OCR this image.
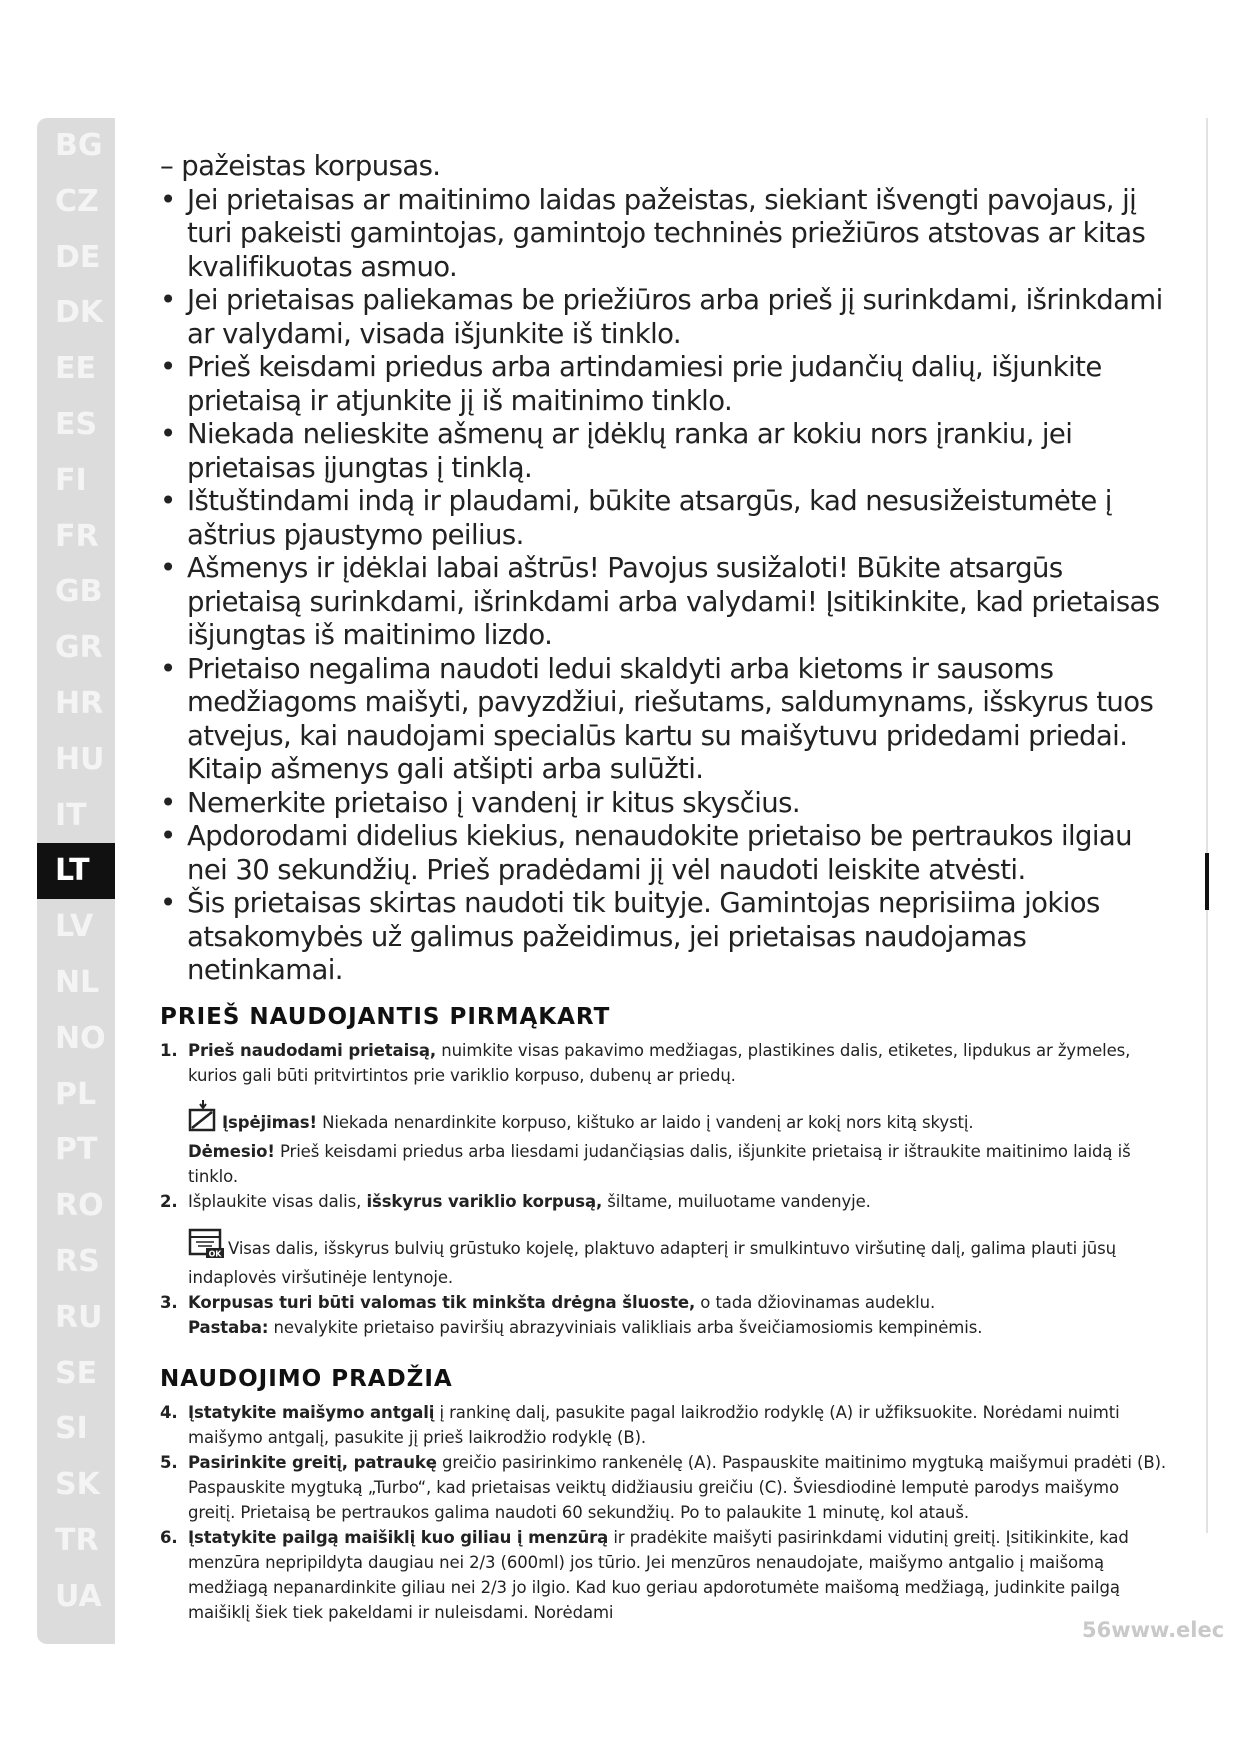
BG
CZ
DE
DK
EE
ES
FI
FR
GB
GR
HR
HU
IT
LT
LV
NL
NO
PL
PT
RO
RS
RU
SE
SI
SK
TR
UA

– pažeistas korpusas.

• Jei prietaisas ar maitinimo laidas pažeistas, siekiant išvengti pavojaus, jį turi pakeisti gamintojas, gamintojo techninės priežiūros atstovas ar kitas kvalifikuotas asmuo.

• Jei prietaisas paliekamas be priežiūros arba prieš jį surinkdami, išrinkdami ar valydami, visada išjunkite iš tinklo.

• Prieš keisdami priedus arba artindamiesi prie judančių dalių, išjunkite prietaisą ir atjunkite jį iš maitinimo tinklo.

• Niekada nelieskite ašmenų ar įdėklų ranka ar kokiu nors įrankiu, jei prietaisas įjungtas į tinklą.

• Ištuštindami indą ir plaudami, būkite atsargūs, kad nesusižeistumėte į aštrius pjaustymo peilius.

• Ašmenys ir įdėklai labai aštrūs! Pavojus susižaloti! Būkite atsargūs prietaisą surinkdami, išrinkdami arba valydami! Įsitikinkite, kad prietaisas išjungtas iš maitinimo lizdo.

• Prietaiso negalima naudoti ledui skaldyti arba kietoms ir sausoms medžiagoms maišyti, pavyzdžiui, riešutams, saldumynams, išskyrus tuos atvejus, kai naudojami specialūs kartu su maišytuvu pridedami priedai. Kitaip ašmenys gali atšipti arba sulūžti.

• Nemerkite prietaiso į vandenį ir kitus skysčius.

• Apdorodami didelius kiekius, nenaudokite prietaiso be pertraukos ilgiau nei 30 sekundžių. Prieš pradėdami jį vėl naudoti leiskite atvėsti.

• Šis prietaisas skirtas naudoti tik buityje. Gamintojas neprisiima jokios atsakomybės už galimus pažeidimus, jei prietaisas naudojamas netinkamai.

PRIEŠ NAUDOJANTIS PIRMĄKART

1. Prieš naudodami prietaisą, nuimkite visas pakavimo medžiagas, plastikines dalis, etiketes, lipdukus ar žymeles, kurios gali būti pritvirtintos prie variklio korpuso, dubenų ar priedų.

Įspėjimas! Niekada nenardinkite korpuso, kištuko ar laido į vandenį ar kokį nors kitą skystį.

Dėmesio! Prieš keisdami priedus arba liesdami judančiąsias dalis, išjunkite prietaisą ir ištraukite maitinimo laidą iš tinklo.

2. Išplaukite visas dalis, išskyrus variklio korpusą, šiltame, muiluotame vandenyje.

OK Visas dalis, išskyrus bulvių grūstuko kojelę, plaktuvo adapterį ir smulkintuvo viršutinę dalį, galima plauti jūsų indaplovės viršutinėje lentynoje.

3. Korpusas turi būti valomas tik minkšta drėgna šluoste, o tada džiovinamas audeklu.

Pastaba: nevalykite prietaiso paviršių abrazyviniais valikliais arba šveičiamosiomis kempinėmis.

NAUDOJIMO PRADŽIA

4. Įstatykite maišymo antgalį į rankinę dalį, pasukite pagal laikrodžio rodyklę (A) ir užfiksuokite. Norėdami nuimti maišymo antgalį, pasukite jį prieš laikrodžio rodyklę (B).

5. Pasirinkite greitį, patraukę greičio pasirinkimo rankenėlę (A). Paspauskite maitinimo mygtuką maišymui pradėti (B). Paspauskite mygtuką „Turbo“, kad prietaisas veiktų didžiausiu greičiu (C). Šviesdiodinė lemputė parodys maišymo greitį. Prietaisą be pertraukos galima naudoti 60 sekundžių. Po to palaukite 1 minutę, kol atauš.

6. Įstatykite pailgą maišiklį kuo giliau į menzūrą ir pradėkite maišyti pasirinkdami vidutinį greitį. Įsitikinkite, kad menzūra nepripildyta daugiau nei 2/3 (600ml) jos tūrio. Jei menzūros nenaudojate, maišymo antgalio į maišomą medžiagą nepanardinkite giliau nei 2/3 jo ilgio. Kad kuo geriau apdorotumėte maišomą medžiagą, judinkite pailgą maišiklį šiek tiek pakeldami ir nuleisdami. Norėdami

56www.elec
